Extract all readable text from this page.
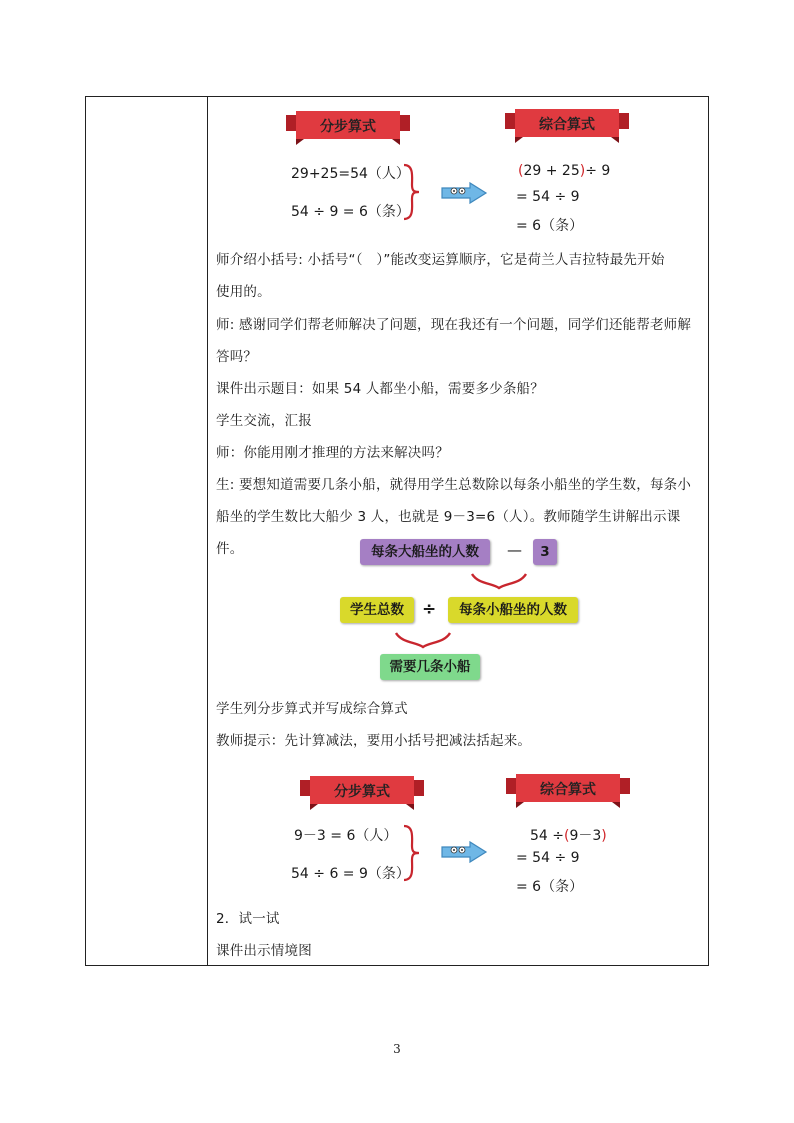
分步算式	综合算式
29+25=54（人）
54 ÷ 9 = 6（条）
(29 + 25)÷ 9
= 54 ÷ 9
= 6（条）
师介绍小括号: 小括号“（　）”能改变运算顺序，它是荷兰人吉拉特最先开始
使用的。
师: 感谢同学们帮老师解决了问题，现在我还有一个问题，同学们还能帮老师解
答吗？
课件出示题目：如果 54 人都坐小船，需要多少条船？
学生交流，汇报
师：你能用刚才推理的方法来解决吗？
生: 要想知道需要几条小船，就得用学生总数除以每条小船坐的学生数，每条小
船坐的学生数比大船少 3 人，也就是 9－3=6（人）。教师随学生讲解出示课件。	每条大船坐的人数	—	3
学生总数	÷	每条小船坐的人数
需要几条小船
学生列分步算式并写成综合算式
教师提示：先计算减法，要用小括号把减法括起来。
分步算式	综合算式
9－3 = 6（人）
54 ÷ 6 = 9（条）
54 ÷(9－3)
= 54 ÷ 9
= 6（条）
2．试一试
课件出示情境图
3
